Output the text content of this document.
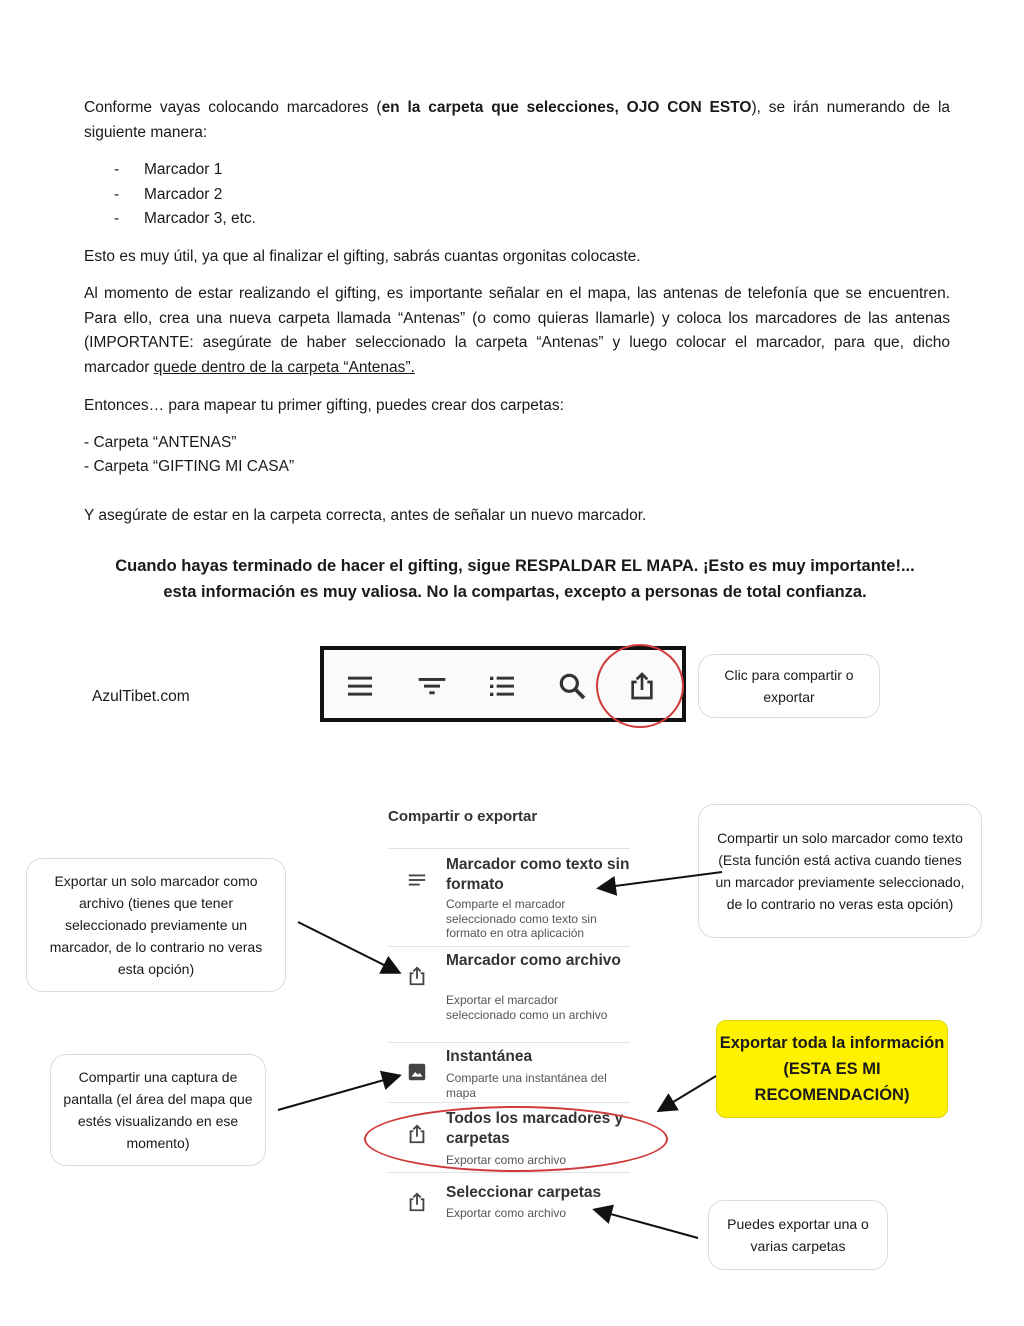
Conforme vayas colocando marcadores (en la carpeta que selecciones, OJO CON ESTO), se irán numerando de la siguiente manera:
- Marcador 1
- Marcador 2
- Marcador 3, etc.
Esto es muy útil, ya que al finalizar el gifting, sabrás cuantas orgonitas colocaste.
Al momento de estar realizando el gifting, es importante señalar en el mapa, las antenas de telefonía que se encuentren. Para ello, crea una nueva carpeta llamada “Antenas” (o como quieras llamarle) y coloca los marcadores de las antenas (IMPORTANTE: asegúrate de haber seleccionado la carpeta “Antenas” y luego colocar el marcador, para que, dicho marcador quede dentro de la carpeta “Antenas”.
Entonces… para mapear tu primer gifting, puedes crear dos carpetas:
- Carpeta “ANTENAS”
- Carpeta “GIFTING MI CASA”
Y asegúrate de estar en la carpeta correcta, antes de señalar un nuevo marcador.
Cuando hayas terminado de hacer el gifting, sigue RESPALDAR EL MAPA. ¡Esto es muy importante!...
esta información es muy valiosa. No la compartas, excepto a personas de total confianza.
AzulTibet.com
Clic para compartir o exportar
Compartir o exportar
Marcador como texto sin formato
Comparte el marcador seleccionado como texto sin formato en otra aplicación
Marcador como archivo
Exportar el marcador seleccionado como un archivo
Instantánea
Comparte una instantánea del mapa
Todos los marcadores y carpetas
Exportar como archivo
Seleccionar carpetas
Exportar como archivo
Compartir un solo marcador como texto (Esta función está activa cuando tienes un marcador previamente seleccionado, de lo contrario no veras esta opción)
Exportar un solo marcador como archivo (tienes que tener seleccionado previamente un marcador, de lo contrario no veras esta opción)
Compartir una captura de pantalla (el área del mapa que estés visualizando en ese momento)
Exportar toda la información (ESTA ES MI RECOMENDACIÓN)
Puedes exportar una o varias carpetas
